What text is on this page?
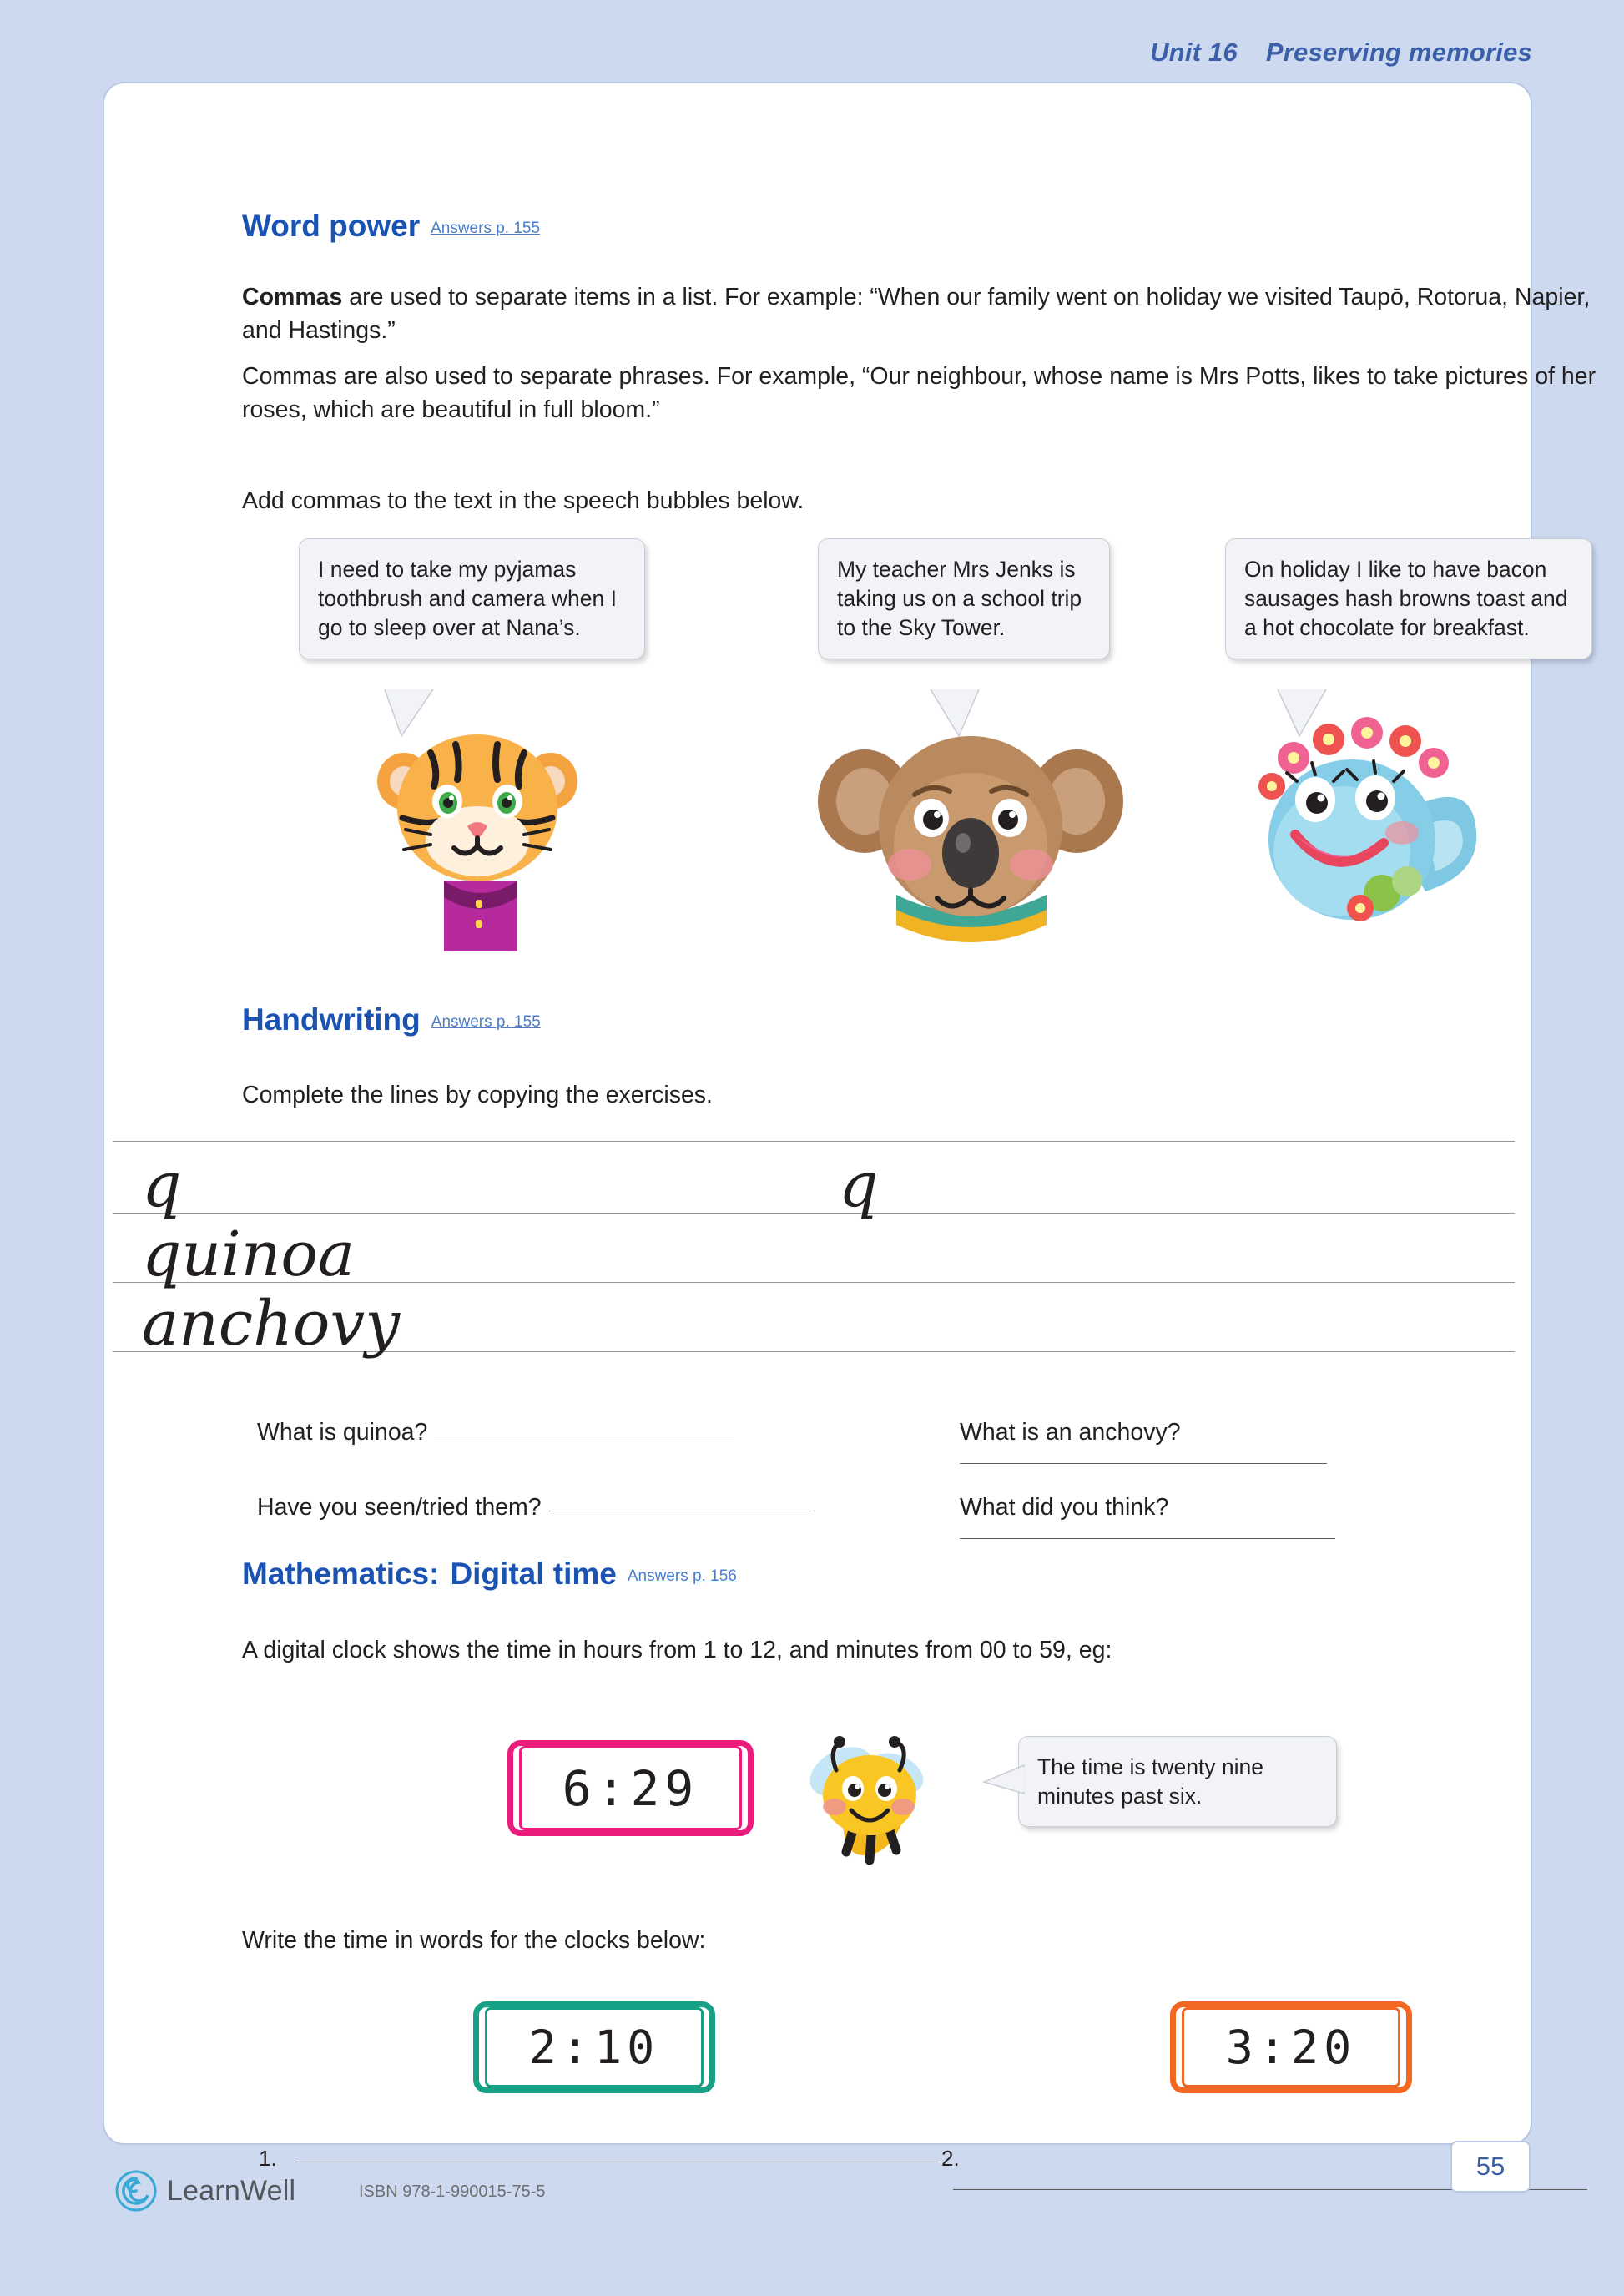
Unit 16 Preserving memories
Word power Answers p. 155

Commas are used to separate items in a list. For example: “When our family went on holiday we visited Taupō, Rotorua, Napier, and Hastings.”

Commas are also used to separate phrases. For example, “Our neighbour, whose name is Mrs Potts, likes to take pictures of her roses, which are beautiful in full bloom.”

Add commas to the text in the speech bubbles below.

I need to take my pyjamas toothbrush and camera when I go to sleep over at Nana’s.
My teacher Mrs Jenks is taking us on a school trip to the Sky Tower.
On holiday I like to have bacon sausages hash browns toast and a hot chocolate for breakfast.
Handwriting Answers p. 155

Complete the lines by copying the exercises.

q	q
quinoa
anchovy
What is quinoa?	What is an anchovy?
Have you seen/tried them?	What did you think?
Mathematics: Digital time Answers p. 156

A digital clock shows the time in hours from 1 to 12, and minutes from 00 to 59, eg:

6:29	The time is twenty nine minutes past six.

Write the time in words for the clocks below:

2:10	3:20
1.	2.
LearnWell	ISBN 978-1-990015-75-5
55
